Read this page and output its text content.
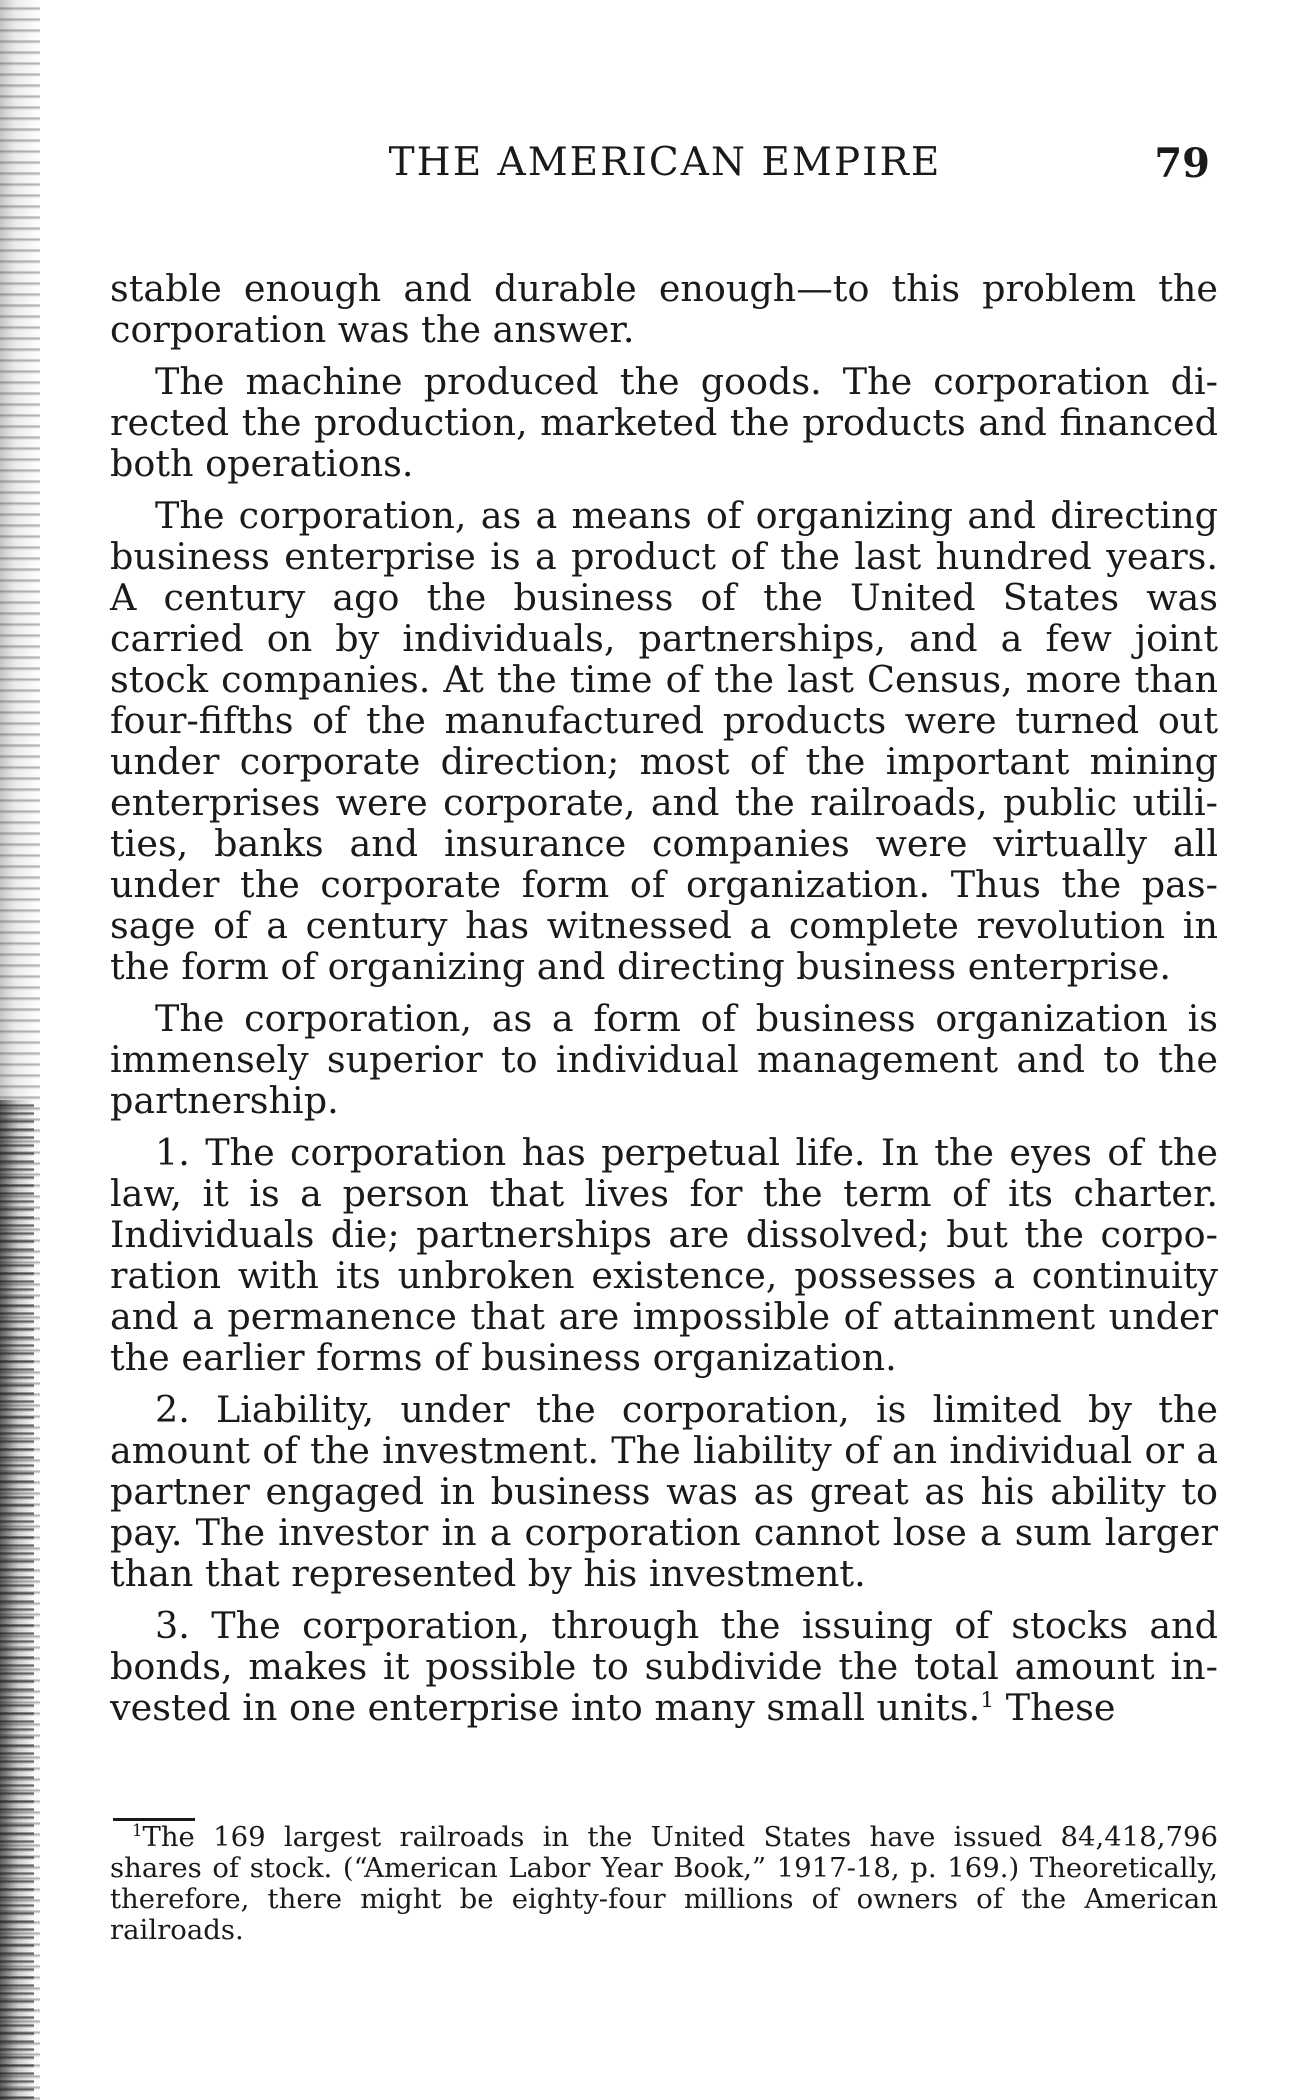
THE AMERICAN EMPIRE	79

stable enough and durable enough—to this problem the corporation was the answer.

The machine produced the goods. The corporation directed the production, marketed the products and financed both operations.

The corporation, as a means of organizing and directing business enterprise is a product of the last hundred years. A century ago the business of the United States was carried on by individuals, partnerships, and a few joint stock companies. At the time of the last Census, more than four-fifths of the manufactured products were turned out under corporate direction; most of the important mining enterprises were corporate, and the railroads, public utilities, banks and insurance companies were virtually all under the corporate form of organization. Thus the passage of a century has witnessed a complete revolution in the form of organizing and directing business enterprise.

The corporation, as a form of business organization is immensely superior to individual management and to the partnership.

1. The corporation has perpetual life. In the eyes of the law, it is a person that lives for the term of its charter. Individuals die; partnerships are dissolved; but the corporation with its unbroken existence, possesses a continuity and a permanence that are impossible of attainment under the earlier forms of business organization.

2. Liability, under the corporation, is limited by the amount of the investment. The liability of an individual or a partner engaged in business was as great as his ability to pay. The investor in a corporation cannot lose a sum larger than that represented by his investment.

3. The corporation, through the issuing of stocks and bonds, makes it possible to subdivide the total amount invested in one enterprise into many small units.$^1$ These

$^1$The 169 largest railroads in the United States have issued 84,418,796 shares of stock. (“American Labor Year Book,” 1917-18, p. 169.) Theoretically, therefore, there might be eighty-four millions of owners of the American railroads.
